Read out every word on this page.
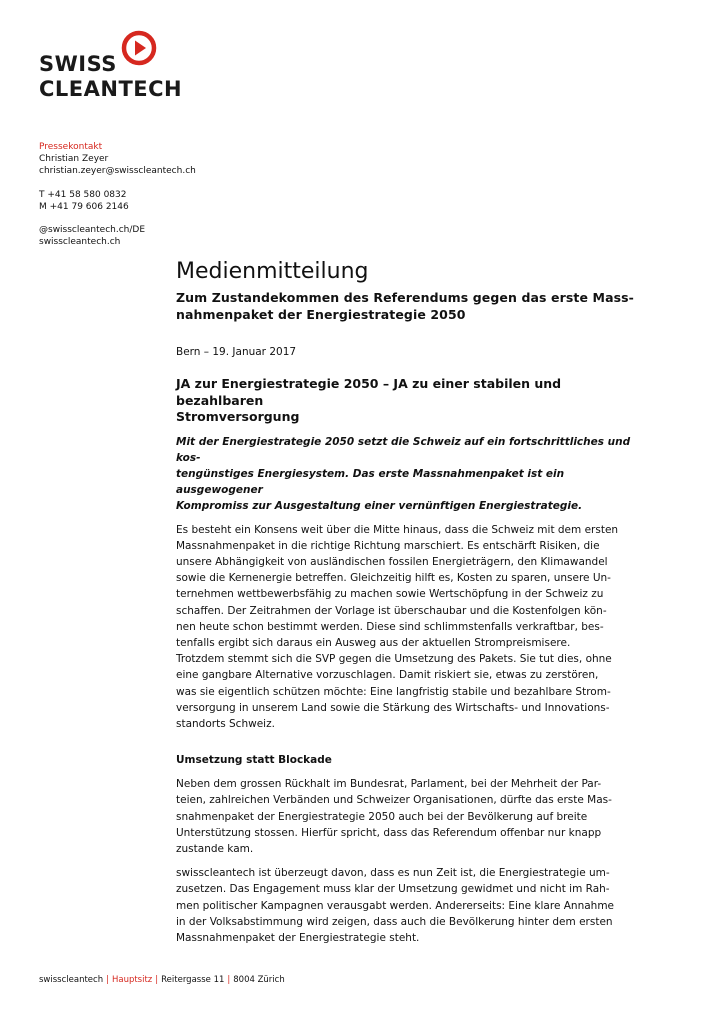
SWISS
CLEANTECH
Pressekontakt
Christian Zeyer
christian.zeyer@swisscleantech.ch
T +41 58 580 0832
M +41 79 606 2146
@swisscleantech.ch/DE
swisscleantech.ch
Medienmitteilung
Zum Zustandekommen des Referendums gegen das erste Mass-
nahmenpaket der Energiestrategie 2050
Bern – 19. Januar 2017
JA zur Energiestrategie 2050 – JA zu einer stabilen und bezahlbaren
Stromversorgung
Mit der Energiestrategie 2050 setzt die Schweiz auf ein fortschrittliches und kos-
tengünstiges Energiesystem. Das erste Massnahmenpaket ist ein ausgewogener
Kompromiss zur Ausgestaltung einer vernünftigen Energiestrategie.
Es besteht ein Konsens weit über die Mitte hinaus, dass die Schweiz mit dem ersten
Massnahmenpaket in die richtige Richtung marschiert. Es entschärft Risiken, die
unsere Abhängigkeit von ausländischen fossilen Energieträgern, den Klimawandel
sowie die Kernenergie betreffen. Gleichzeitig hilft es, Kosten zu sparen, unsere Un-
ternehmen wettbewerbsfähig zu machen sowie Wertschöpfung in der Schweiz zu
schaffen. Der Zeitrahmen der Vorlage ist überschaubar und die Kostenfolgen kön-
nen heute schon bestimmt werden. Diese sind schlimmstenfalls verkraftbar, bes-
tenfalls ergibt sich daraus ein Ausweg aus der aktuellen Strompreismisere.
Trotzdem stemmt sich die SVP gegen die Umsetzung des Pakets. Sie tut dies, ohne
eine gangbare Alternative vorzuschlagen. Damit riskiert sie, etwas zu zerstören,
was sie eigentlich schützen möchte: Eine langfristig stabile und bezahlbare Strom-
versorgung in unserem Land sowie die Stärkung des Wirtschafts- und Innovations-
standorts Schweiz.
Umsetzung statt Blockade
Neben dem grossen Rückhalt im Bundesrat, Parlament, bei der Mehrheit der Par-
teien, zahlreichen Verbänden und Schweizer Organisationen, dürfte das erste Mas-
snahmenpaket der Energiestrategie 2050 auch bei der Bevölkerung auf breite
Unterstützung stossen. Hierfür spricht, dass das Referendum offenbar nur knapp
zustande kam.
swisscleantech ist überzeugt davon, dass es nun Zeit ist, die Energiestrategie um-
zusetzen. Das Engagement muss klar der Umsetzung gewidmet und nicht im Rah-
men politischer Kampagnen verausgabt werden. Andererseits: Eine klare Annahme
in der Volksabstimmung wird zeigen, dass auch die Bevölkerung hinter dem ersten
Massnahmenpaket der Energiestrategie steht.
swisscleantech | Hauptsitz | Reitergasse 11 | 8004 Zürich
